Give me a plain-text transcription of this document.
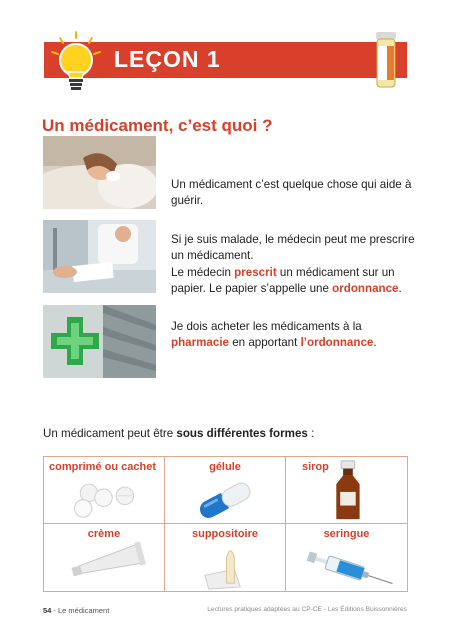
LEÇON 1
Un médicament, c’est quoi ?

Un médicament c’est quelque chose qui aide à guérir.

Si je suis malade, le médecin peut me prescrire un médicament.

Le médecin prescrit un médicament sur un papier. Le papier s’appelle une ordonnance.

Je dois acheter les médicaments à la pharmacie en apportant l’ordonnance.

Un médicament peut être sous différentes formes :

comprimé ou cachet	gélule	sirop
crème	suppositoire	seringue
54 - Le médicament	Lectures pratiques adaptées au CP-CE - Les Éditions Buissonnières
